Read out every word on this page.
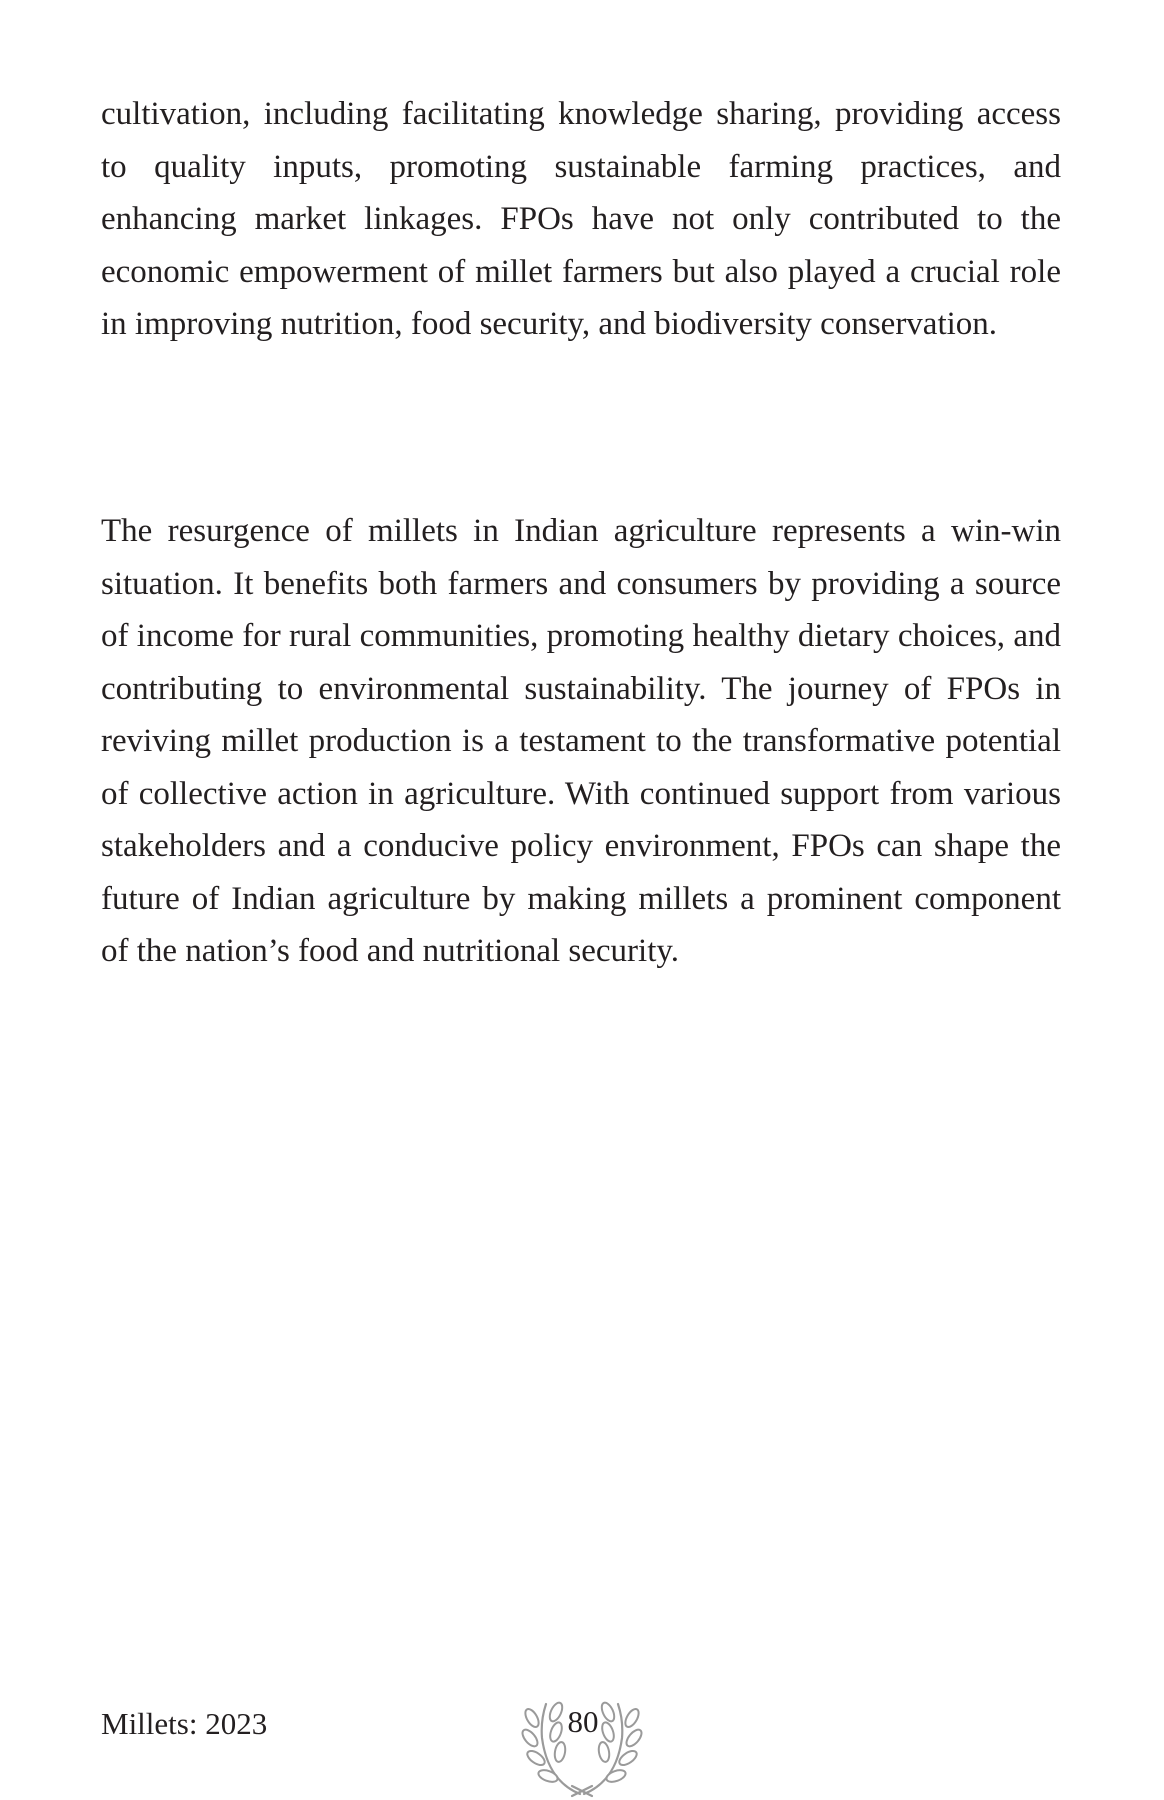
cultivation, including facilitating knowledge sharing, providing access to quality inputs, promoting sustainable farming practices, and enhancing market linkages. FPOs have not only contributed to the economic empowerment of millet farmers but also played a crucial role in improving nutrition, food security, and biodiversity conservation.

The resurgence of millets in Indian agriculture represents a win-win situation. It benefits both farmers and consumers by providing a source of income for rural communities, promoting healthy dietary choices, and contributing to environmental sustainability. The journey of FPOs in reviving millet production is a testament to the transformative potential of collective action in agriculture. With continued support from various stakeholders and a conducive policy environment, FPOs can shape the future of Indian agriculture by making millets a prominent component of the nation’s food and nutritional security.

Millets: 2023	80
